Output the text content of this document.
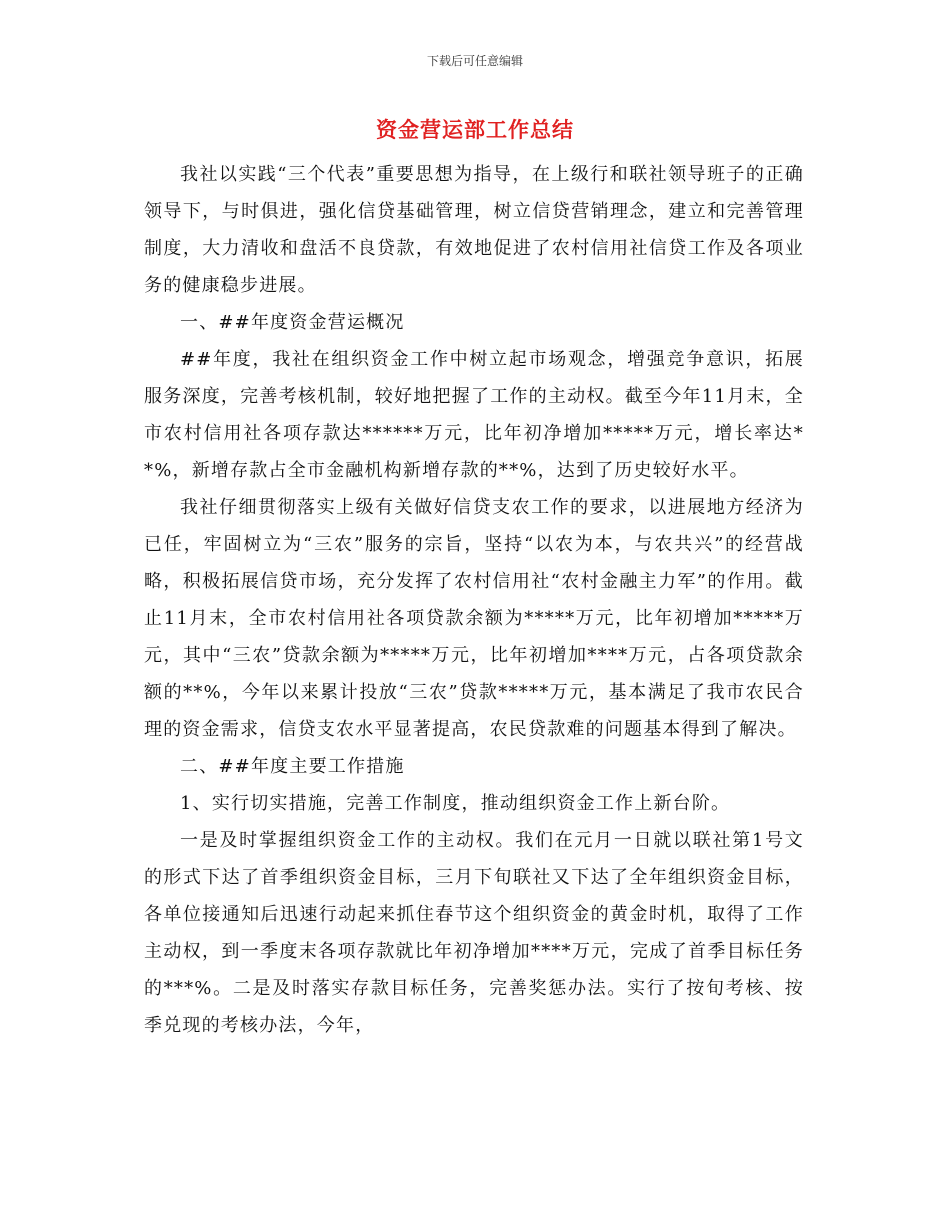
下载后可任意编辑
资金营运部工作总结

我社以实践“三个代表”重要思想为指导，在上级行和联社领导班子的正确领导下，与时俱进，强化信贷基础管理，树立信贷营销理念，建立和完善管理制度，大力清收和盘活不良贷款，有效地促进了农村信用社信贷工作及各项业务的健康稳步进展。

一、##年度资金营运概况

##年度，我社在组织资金工作中树立起市场观念，增强竞争意识，拓展服务深度，完善考核机制，较好地把握了工作的主动权。截至今年11月末，全市农村信用社各项存款达******万元，比年初净增加*****万元，增长率达**%，新增存款占全市金融机构新增存款的**%，达到了历史较好水平。

我社仔细贯彻落实上级有关做好信贷支农工作的要求，以进展地方经济为已任，牢固树立为“三农”服务的宗旨，坚持“以农为本，与农共兴”的经营战略，积极拓展信贷市场，充分发挥了农村信用社“农村金融主力军”的作用。截止11月末，全市农村信用社各项贷款余额为*****万元，比年初增加*****万元，其中“三农”贷款余额为*****万元，比年初增加****万元，占各项贷款余额的**%，今年以来累计投放“三农”贷款*****万元，基本满足了我市农民合理的资金需求，信贷支农水平显著提高，农民贷款难的问题基本得到了解决。

二、##年度主要工作措施

1、实行切实措施，完善工作制度，推动组织资金工作上新台阶。

一是及时掌握组织资金工作的主动权。我们在元月一日就以联社第1号文的形式下达了首季组织资金目标，三月下旬联社又下达了全年组织资金目标，各单位接通知后迅速行动起来抓住春节这个组织资金的黄金时机，取得了工作主动权，到一季度末各项存款就比年初净增加****万元，完成了首季目标任务的***%。二是及时落实存款目标任务，完善奖惩办法。实行了按旬考核、按季兑现的考核办法，今年，
